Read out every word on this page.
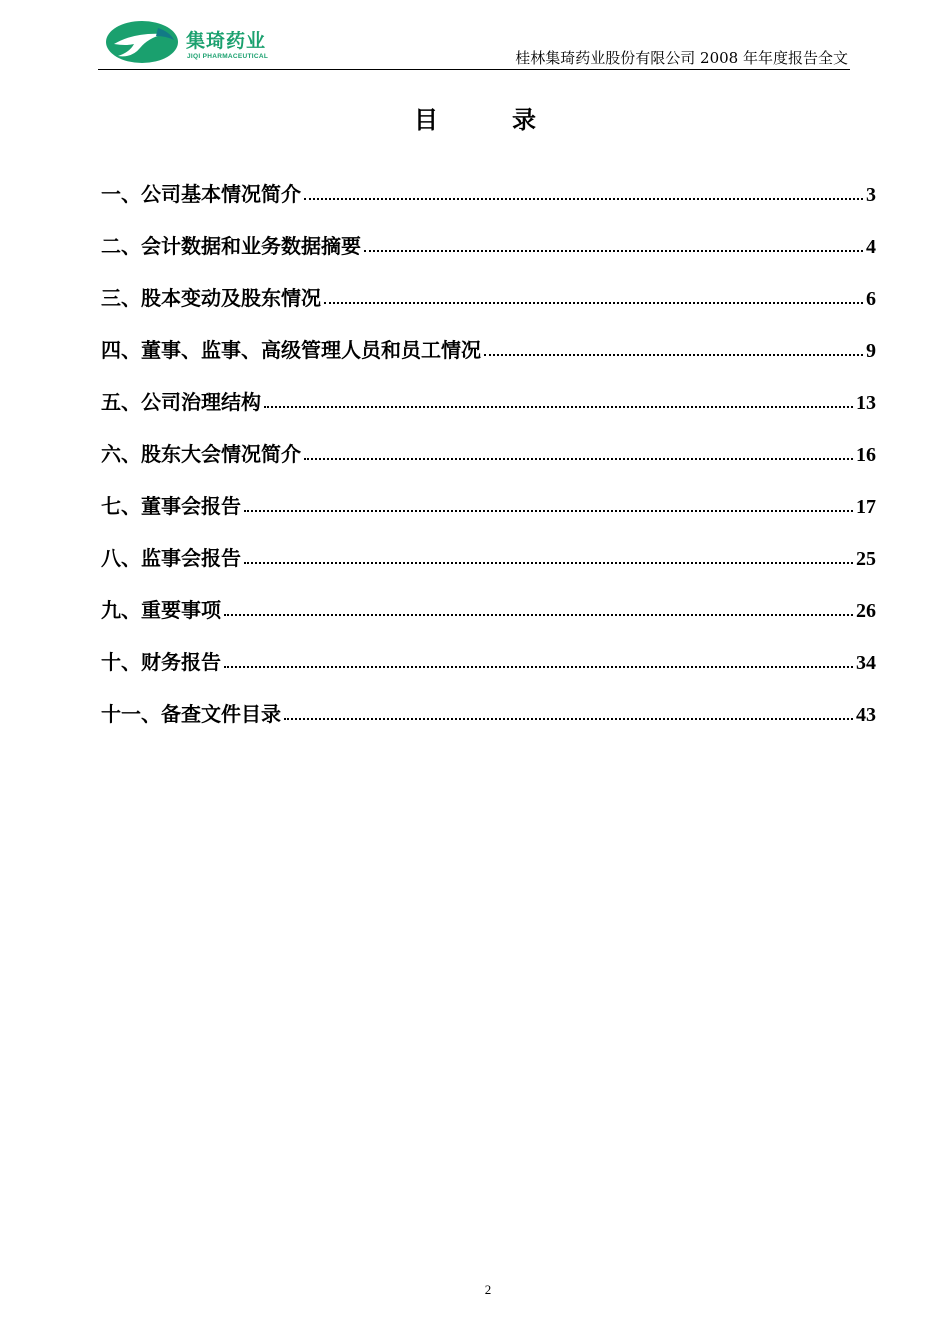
集琦药业
JIQI PHARMACEUTICAL	桂林集琦药业股份有限公司 2008 年年度报告全文
目	录
一、公司基本情况简介	3
二、会计数据和业务数据摘要	4
三、股本变动及股东情况	6
四、董事、监事、高级管理人员和员工情况	9
五、公司治理结构	13
六、股东大会情况简介	16
七、董事会报告	17
八、监事会报告	25
九、重要事项	26
十、财务报告	34
十一、备查文件目录	43
2
